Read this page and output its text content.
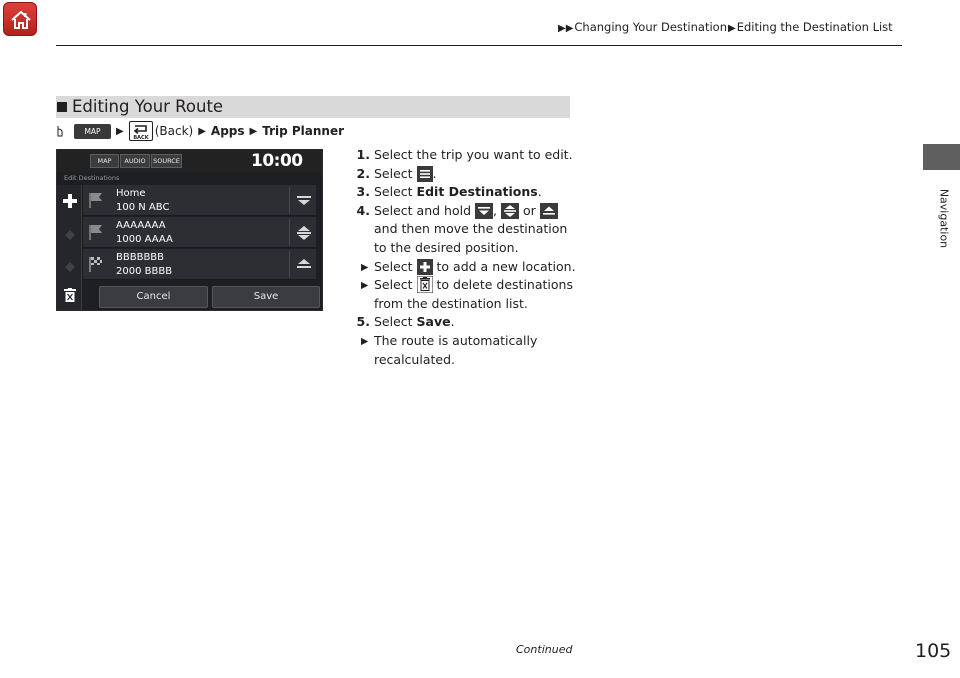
▶▶Changing Your Destination▶Editing the Destination List
Navigation
Editing Your Route
MAP	▶
BACK (Back) ▶ Apps ▶ Trip Planner
MAP	AUDIO	SOURCE	10:00
Edit Destinations
Home
100 N ABC
AAAAAAA
1000 AAAA
BBBBBBB
2000 BBBB
Cancel	Save
1. Select the trip you want to edit.
2. Select .
3. Select Edit Destinations.
4. Select and hold , or  and then move the destination to the desired position.
▶ Select to add a new location.
▶ Select to delete destinations from the destination list.
5. Select Save.
▶ The route is automatically recalculated.
Continued	105
